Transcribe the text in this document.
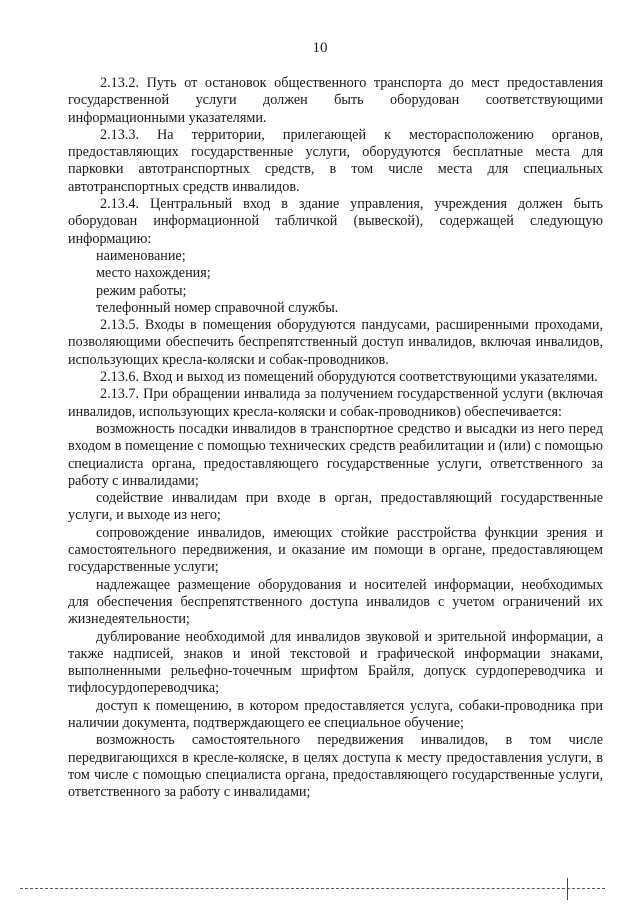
10

2.13.2. Путь от остановок общественного транспорта до мест предоставления государственной услуги должен быть оборудован соответствующими информационными указателями.

2.13.3. На территории, прилегающей к месторасположению органов, предоставляющих государственные услуги, оборудуются бесплатные места для парковки автотранспортных средств, в том числе места для специальных автотранспортных средств инвалидов.

2.13.4. Центральный вход в здание управления, учреждения должен быть оборудован информационной табличкой (вывеской), содержащей следующую информацию:

наименование;

место нахождения;

режим работы;

телефонный номер справочной службы.

2.13.5. Входы в помещения оборудуются пандусами, расширенными проходами, позволяющими обеспечить беспрепятственный доступ инвалидов, включая инвалидов, использующих кресла-коляски и собак-проводников.

2.13.6. Вход и выход из помещений оборудуются соответствующими указателями.

2.13.7. При обращении инвалида за получением государственной услуги (включая инвалидов, использующих кресла-коляски и собак-проводников) обеспечивается:

возможность посадки инвалидов в транспортное средство и высадки из него перед входом в помещение с помощью технических средств реабилитации и (или) с помощью специалиста органа, предоставляющего государственные услуги, ответственного за работу с инвалидами;

содействие инвалидам при входе в орган, предоставляющий государственные услуги, и выходе из него;

сопровождение инвалидов, имеющих стойкие расстройства функции зрения и самостоятельного передвижения, и оказание им помощи в органе, предоставляющем государственные услуги;

надлежащее размещение оборудования и носителей информации, необходимых для обеспечения беспрепятственного доступа инвалидов с учетом ограничений их жизнедеятельности;

дублирование необходимой для инвалидов звуковой и зрительной информации, а также надписей, знаков и иной текстовой и графической информации знаками, выполненными рельефно-точечным шрифтом Брайля, допуск сурдопереводчика и тифлосурдопереводчика;

доступ к помещению, в котором предоставляется услуга, собаки-проводника при наличии документа, подтверждающего ее специальное обучение;

возможность самостоятельного передвижения инвалидов, в том числе передвигающихся в кресле-коляске, в целях доступа к месту предоставления услуги, в том числе с помощью специалиста органа, предоставляющего государственные услуги, ответственного за работу с инвалидами;
